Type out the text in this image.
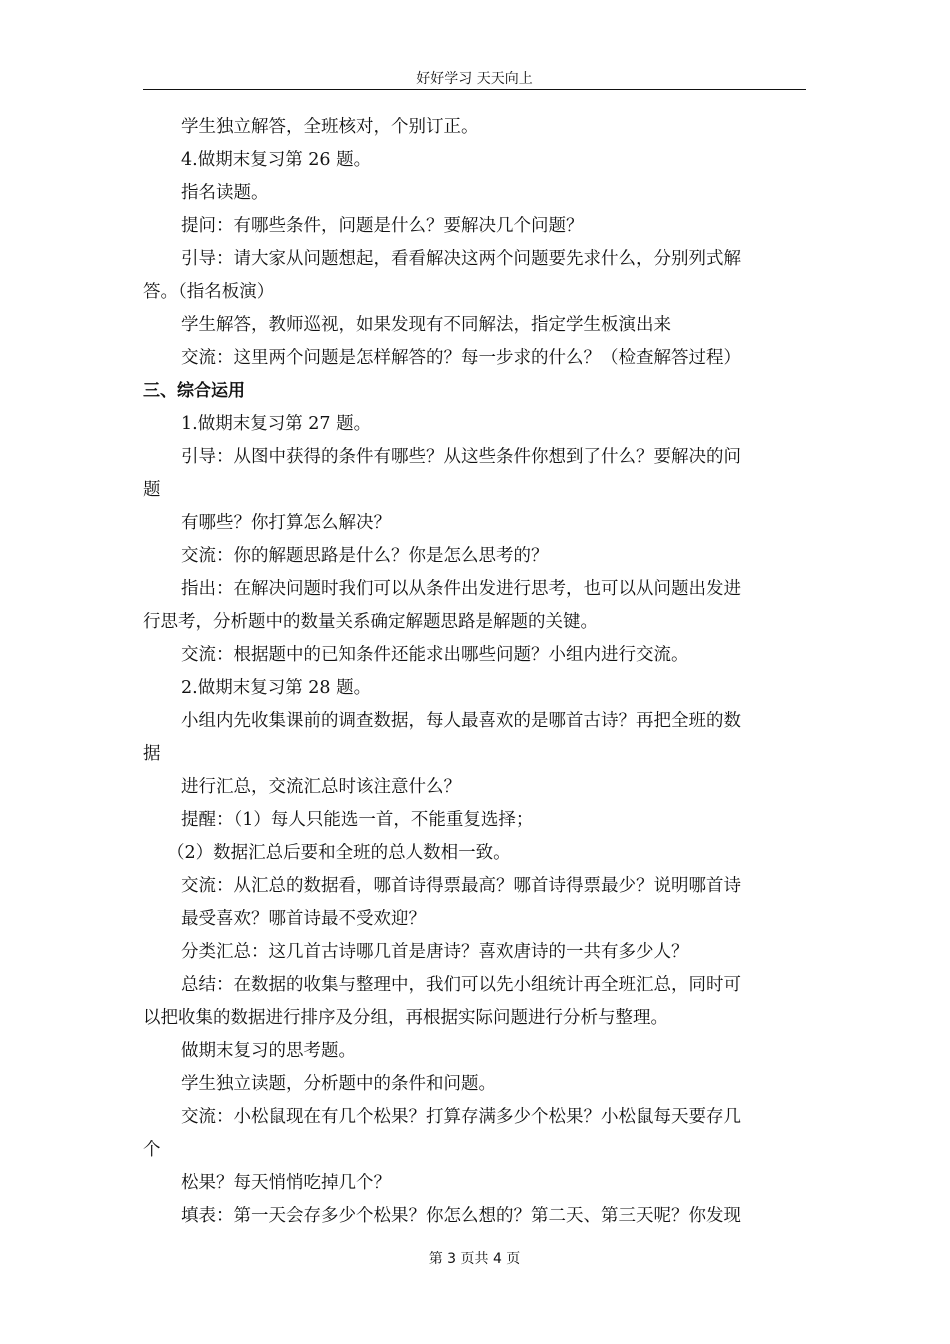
好好学习 天天向上
学生独立解答，全班核对，个别订正。
4.做期末复习第 26 题。
指名读题。
提问：有哪些条件，问题是什么？要解决几个问题？
引导：请大家从问题想起，看看解决这两个问题要先求什么，分别列式解
答。（指名板演）
学生解答，教师巡视，如果发现有不同解法，指定学生板演出来
交流：这里两个问题是怎样解答的？每一步求的什么？（检查解答过程）
三、综合运用
1.做期末复习第 27 题。
引导：从图中获得的条件有哪些？从这些条件你想到了什么？要解决的问
题
有哪些？你打算怎么解决？
交流：你的解题思路是什么？你是怎么思考的？
指出：在解决问题时我们可以从条件出发进行思考，也可以从问题出发进
行思考，分析题中的数量关系确定解题思路是解题的关键。
交流：根据题中的已知条件还能求出哪些问题？小组内进行交流。
2.做期末复习第 28 题。
小组内先收集课前的调查数据，每人最喜欢的是哪首古诗？再把全班的数
据
进行汇总，交流汇总时该注意什么？
提醒：（1）每人只能选一首，不能重复选择；
（2）数据汇总后要和全班的总人数相一致。
交流：从汇总的数据看，哪首诗得票最高？哪首诗得票最少？说明哪首诗
最受喜欢？哪首诗最不受欢迎？
分类汇总：这几首古诗哪几首是唐诗？喜欢唐诗的一共有多少人？
总结：在数据的收集与整理中，我们可以先小组统计再全班汇总，同时可
以把收集的数据进行排序及分组，再根据实际问题进行分析与整理。
做期末复习的思考题。
学生独立读题，分析题中的条件和问题。
交流：小松鼠现在有几个松果？打算存满多少个松果？小松鼠每天要存几
个
松果？每天悄悄吃掉几个？
填表：第一天会存多少个松果？你怎么想的？第二天、第三天呢？你发现
第 3 页共 4 页
